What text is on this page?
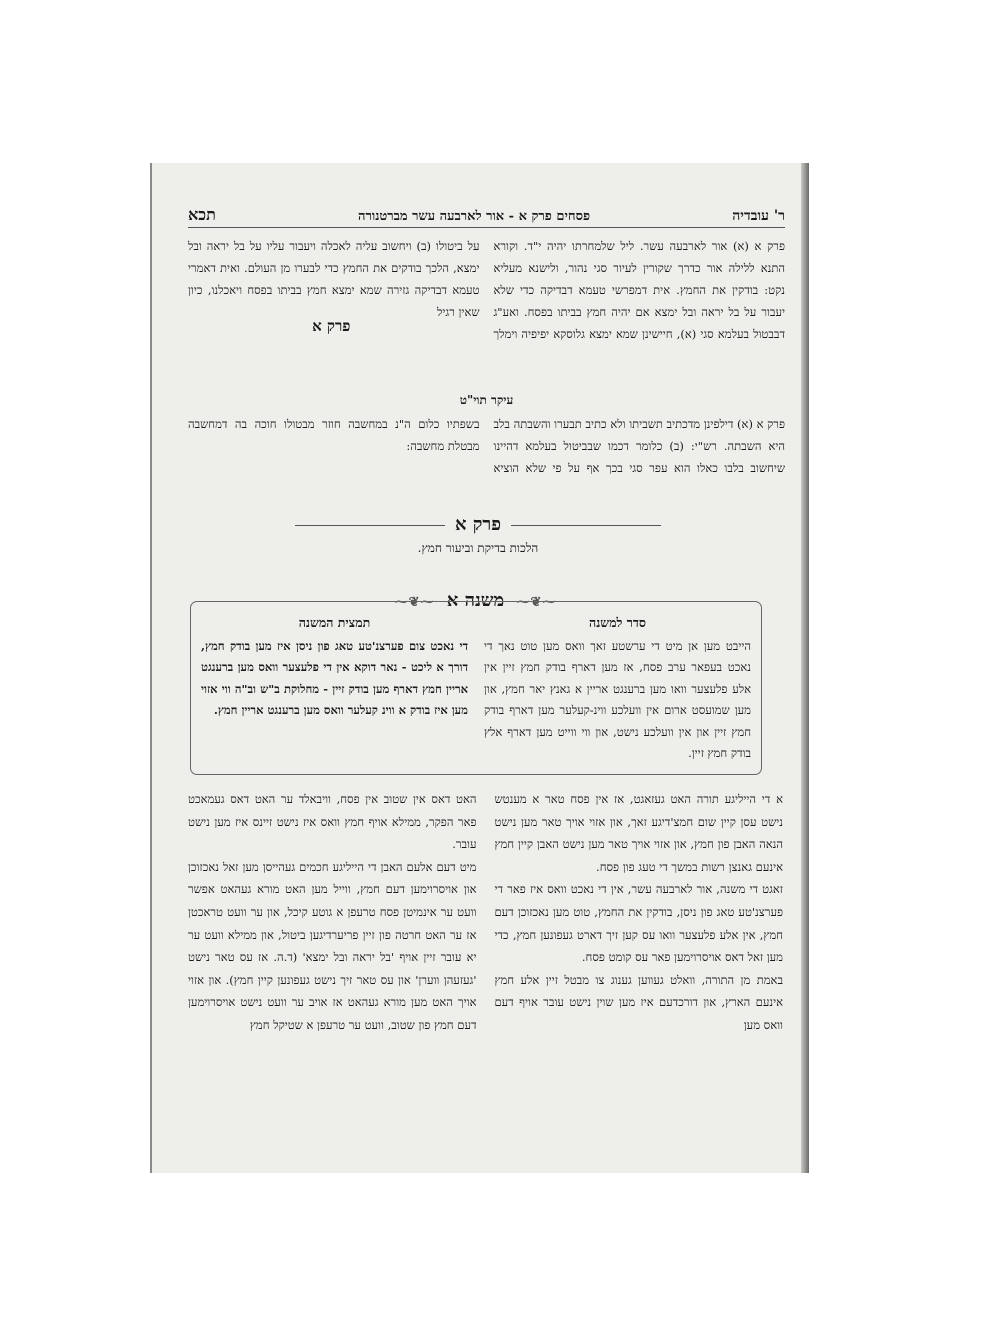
ר' עובדיה
פסחים פרק א - אור לארבעה עשר מברטנורה
תכא
פרק א (א) אור לארבעה עשר. ליל שלמחרתו יהיה י"ד. וקורא התנא ללילה אור כדרך שקורין לעיור סגי נהור, ולישנא מעליא נקט: בודקין את החמץ. אית דמפרשי טעמא דבדיקה כדי שלא יעבור על בל יראה ובל ימצא אם יהיה חמץ בביתו בפסח. ואע"ג דבבטול בעלמא סגי (א), חיישינן שמא ימצא גלוסקא יפיפיה וימלך על ביטולו (ב) ויחשוב עליה לאכלה ויעבור עליו על בל יראה ובל ימצא, הלכך בודקים את החמץ כדי לבערו מן העולם. ואית דאמרי טעמא דבדיקה גזירה שמא ימצא חמץ בביתו בפסח ויאכלנו, כיון שאין רגיל
פרק א
עיקר תוי"ט
פרק א (א) דילפינן מדכתיב תשביתו ולא כתיב תבערו והשבתה בלב היא השבתה. רש"י: (ב) כלומר דכמו שבביטול בעלמא דהיינו שיחשוב בלבו כאלו הוא עפר סגי בכך אף על פי שלא הוציא בשפתיו כלום ה"נ במחשבה חוזר מבטולו חוכה בה דמחשבה מבטלת מחשבה:
פרק א
הלכות בדיקת וביעור חמץ.
⁓❦⁓ משנה א ⁓❦⁓
סדר למשנה
הייבט מען אן מיט די ערשטע זאך וואס מען טוט נאך די נאכט בעפאר ערב פסח, אז מען דארף בודק חמץ זיין אין אלע פלעצער וואו מען ברענגט אריין א גאנץ יאר חמץ, און מען שמועסט ארום אין וועלכע ווינ-קעלער מען דארף בודק חמץ זיין און אין וועלכע נישט, און ווי ווייט מען דארף אלץ בודק חמץ זיין.
תמצית המשנה
די נאכט צום פערצנ'טע טאג פון ניסן איז מען בודק חמץ, דורך א ליכט - נאר דוקא אין די פלעצער וואס מען ברענגט אריין חמץ דארף מען בודק זיין - מחלוקת ב"ש וב"ה ווי אזוי מען איז בודק א ווינ קעלער וואס מען ברענגט אריין חמץ.

א די הייליגע תורה האט געזאגט, אז אין פסח טאר א מענטש נישט עסן קיין שום חמצ'דיגע זאך, און אזוי אויך טאר מען נישט הנאה האבן פון חמץ, און אזוי אויך טאר מען נישט האבן קיין חמץ אינעם גאנצן רשות במשך די טעג פון פסח.

זאגט די משנה, אור לארבעה עשר, אין די נאכט וואס איז פאר די פערצנ'טע טאג פון ניסן, בודקין את החמץ, טוט מען נאכזוכן דעם חמץ, אין אלע פלעצער וואו עס קען זיך דארט געפונען חמץ, כדי מען זאל דאס אויסרוימען פאר עס קומט פסח.

באמת מן התורה, וואלט געווען גענוג צו מבטל זיין אלע חמץ אינעם הארץ, און דורכדעם איז מען שוין נישט עובר אויף דעם וואס מען

האט דאס אין שטוב אין פסח, וויבאלד ער האט דאס געמאכט פאר הפקר, ממילא אויף חמץ וואס איז נישט זיינס איז מען נישט עובר.

מיט דעם אלעם האבן די הייליגע חכמים געהייסן מען זאל נאכזוכן און אויסרוימען דעם חמץ, ווייל מען האט מורא געהאט אפשר וועט ער אינמיטן פסח טרעפן א גוטע קיכל, און ער וועט טראכטן אז ער האט חרטה פון זיין פריערדיגען ביטול, און ממילא וועט ער יא עובר זיין אויף 'בל יראה ובל ימצא' (ד.ה. אז עס טאר נישט 'געזעהן ווערן' און עס טאר זיך נישט געפונען קיין חמץ). און אזוי אויך האט מען מורא געהאט אז אויב ער וועט נישט אויסרוימען דעם חמץ פון שטוב, וועט ער טרעפן א שטיקל חמץ
